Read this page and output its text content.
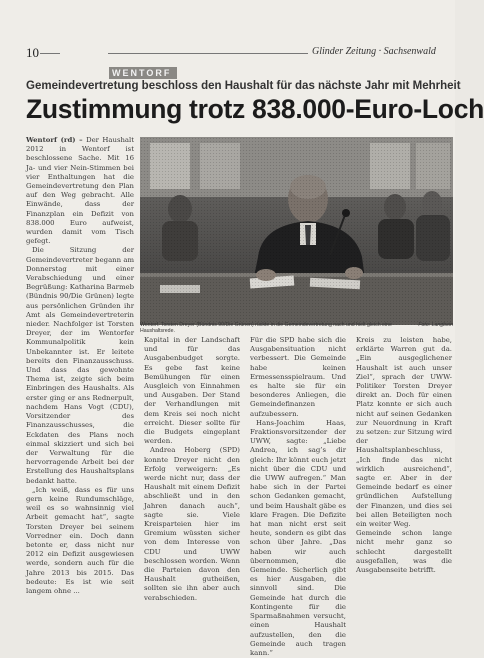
10	Glinder Zeitung · Sachsenwald
WENTORF
Gemeindevertretung beschloss den Haushalt für das nächste Jahr mit Mehrheit
Zustimmung trotz 838.000-Euro-Loch

Wentorf (rd) – Der Haushalt 2012 in Wentorf ist beschlossene Sache. Mit 16 Ja- und vier Nein-Stimmen bei vier Enthaltungen hat die Gemeindevertretung den Plan auf den Weg gebracht. Alle Einwände, dass der Finanzplan ein Defizit von 838.000 Euro aufweist, wurden damit vom Tisch gefegt.

Die Sitzung der Gemeindevertreter begann am Donnerstag mit einer Verabschiedung und einer Begrüßung: Katharina Barmeb (Bündnis 90/Die Grünen) legte aus persönlichen Gründen ihr Amt als Gemeindevertreterin nieder. Nachfolger ist Torsten Dreyer, der im Wentorfer Kommunalpolitik kein Unbekannter ist. Er leitete bereits den Finanzausschuss. Und dass das gewohnte Thema ist, zeigte sich beim Einbringen des Haushalts. Als erster ging er ans Rednerpult, nachdem Hans Vogt (CDU), Vorsitzender des Finanzausschusses, die Eckdaten des Plans noch einmal skizziert und sich bei der Verwaltung für die hervorragende Arbeit bei der Erstellung des Haushaltsplans bedankt hatte.

„Ich weiß, dass es für uns gern keine Rundumschläge, weil es so wahnsinnig viel Arbeit gemacht hat“, sagte Torsten Dreyer bei seinem Vorredner ein. Doch dann betonte er, dass nicht nur 2012 ein Defizit ausgewiesen werde, sondern auch für die Jahre 2013 bis 2015. Das bedeute: Es ist wie seit langem ohne ...

Wentorf. Torsten Dreyer (Bündnis 90/Die Grünen) rückte in die Gemeindevertretung nach und hielt gleich eine Haushaltsrede.
Foto: Langbein

Kapital in der Landschaft und für das Ausgabenbudget sorgte. Es gebe fast keine Bemühungen für einen Ausgleich von Einnahmen und Ausgaben. Der Stand der Verhandlungen mit dem Kreis sei noch nicht erreicht. Dieser sollte für die Budgets eingeplant werden.

Andrea Hoberg (SPD) konnte Dreyer nicht den Erfolg verweigern: „Es werde nicht nur, dass der Haushalt mit einem Defizit abschließt und in den Jahren danach auch“, sagte sie. Viele Kreisparteien hier im Gremium wüssten sicher von dem Interesse von CDU und UWW beschlossen worden. Wenn die Parteien davon den Haushalt gutheißen, sollten sie ihn aber auch verabschieden.

Für die SPD habe sich die Ausgabensituation nicht verbessert. Die Gemeinde habe keinen Ermessensspielraum. Und es halte sie für ein besonderes Anliegen, die Gemeindefinanzen aufzubessern.

Hans-Joachim Haas, Fraktionsvorsitzender der UWW, sagte: „Liebe Andrea, ich sag’s dir gleich: Ihr könnt euch jetzt nicht über die CDU und die UWW aufregen.“ Man habe sich in der Partei schon Gedanken gemacht, und beim Haushalt gäbe es klare Fragen. Die Defizite hat man nicht erst seit heute, sondern es gibt das schon über Jahre. „Das haben wir auch übernommen, die Gemeinde. Sicherlich gibt es hier Ausgaben, die sinnvoll sind. Die Gemeinde hat durch die Kontingente für die Sparmaßnahmen versucht, einen Haushalt aufzustellen, den die Gemeinde auch tragen kann.“

Kreis zu leisten habe, erklärte Warren gut da. „Ein ausgeglichener Haushalt ist auch unser Ziel“, sprach der UWW-Politiker Torsten Dreyer direkt an. Doch für einen Platz konnte er sich auch nicht auf seinen Gedanken zur Neuordnung in Kraft zu setzen: zur Sitzung wird der Haushaltsplanbeschluss, „Ich finde das nicht wirklich ausreichend“, sagte er. Aber in der Gemeinde bedarf es einer gründlichen Aufstellung der Finanzen, und dies sei bei allen Beteiligten noch ein weiter Weg.

Gemeinde schon lange nicht mehr ganz so schlecht dargestellt ausgefallen, was die Ausgabenseite betrifft.
